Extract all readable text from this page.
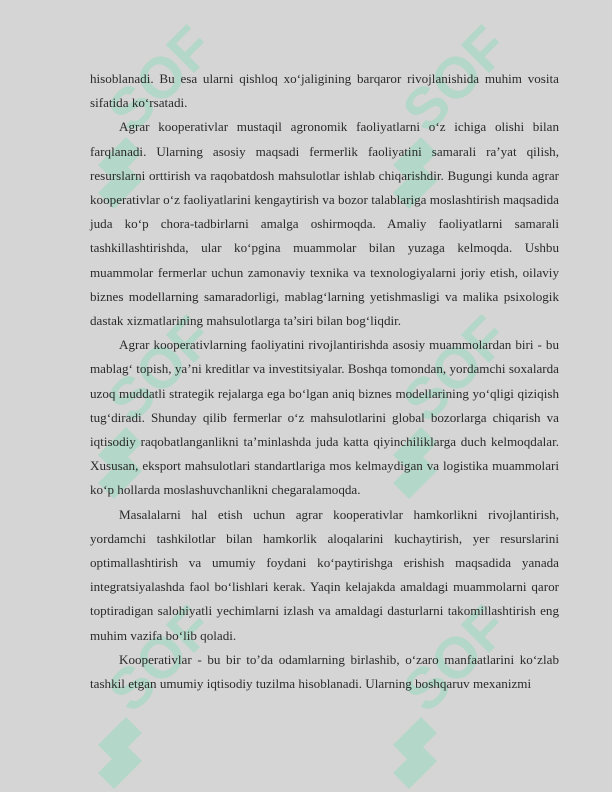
hisoblanadi. Bu esa ularni qishloq xo‘jaligining barqaror rivojlanishida muhim vosita sifatida ko‘rsatadi.

Agrar kooperativlar mustaqil agronomik faoliyatlarni o‘z ichiga olishi bilan farqlanadi. Ularning asosiy maqsadi fermerlik faoliyatini samarali ra’yat qilish, resurslarni orttirish va raqobatdosh mahsulotlar ishlab chiqarishdir. Bugungi kunda agrar kooperativlar o‘z faoliyatlarini kengaytirish va bozor talablariga moslashtirish maqsadida juda ko‘p chora-tadbirlarni amalga oshirmoqda. Amaliy faoliyatlarni samarali tashkillashtirishda, ular ko‘pgina muammolar bilan yuzaga kelmoqda. Ushbu muammolar fermerlar uchun zamonaviy texnika va texnologiyalarni joriy etish, oilaviy biznes modellarning samaradorligi, mablag‘larning yetishmasligi va malika psixologik dastak xizmatlarining mahsulotlarga ta’siri bilan bog‘liqdir.

Agrar kooperativlarning faoliyatini rivojlantirishda asosiy muammolardan biri - bu mablag‘ topish, ya’ni kreditlar va investitsiyalar. Boshqa tomondan, yordamchi soxalarda uzoq muddatli strategik rejalarga ega bo‘lgan aniq biznes modellarining yo‘qligi qiziqish tug‘diradi. Shunday qilib fermerlar o‘z mahsulotlarini global bozorlarga chiqarish va iqtisodiy raqobatlanganlikni ta’minlashda juda katta qiyinchiliklarga duch kelmoqdalar. Xususan, eksport mahsulotlari standartlariga mos kelmaydigan va logistika muammolari ko‘p hollarda moslashuvchanlikni chegaralamoqda.

Masalalarni hal etish uchun agrar kooperativlar hamkorlikni rivojlantirish, yordamchi tashkilotlar bilan hamkorlik aloqalarini kuchaytirish, yer resurslarini optimallashtirish va umumiy foydani ko‘paytirishga erishish maqsadida yanada integratsiyalashda faol bo‘lishlari kerak. Yaqin kelajakda amaldagi muammolarni qaror toptiradigan salohiyatli yechimlarni izlash va amaldagi dasturlarni takomillashtirish eng muhim vazifa bo‘lib qoladi.

Kooperativlar - bu bir to’da odamlarning birlashib, o‘zaro manfaatlarini ko‘zlab tashkil etgan umumiy iqtisodiy tuzilma hisoblanadi. Ularning boshqaruv mexanizmi
